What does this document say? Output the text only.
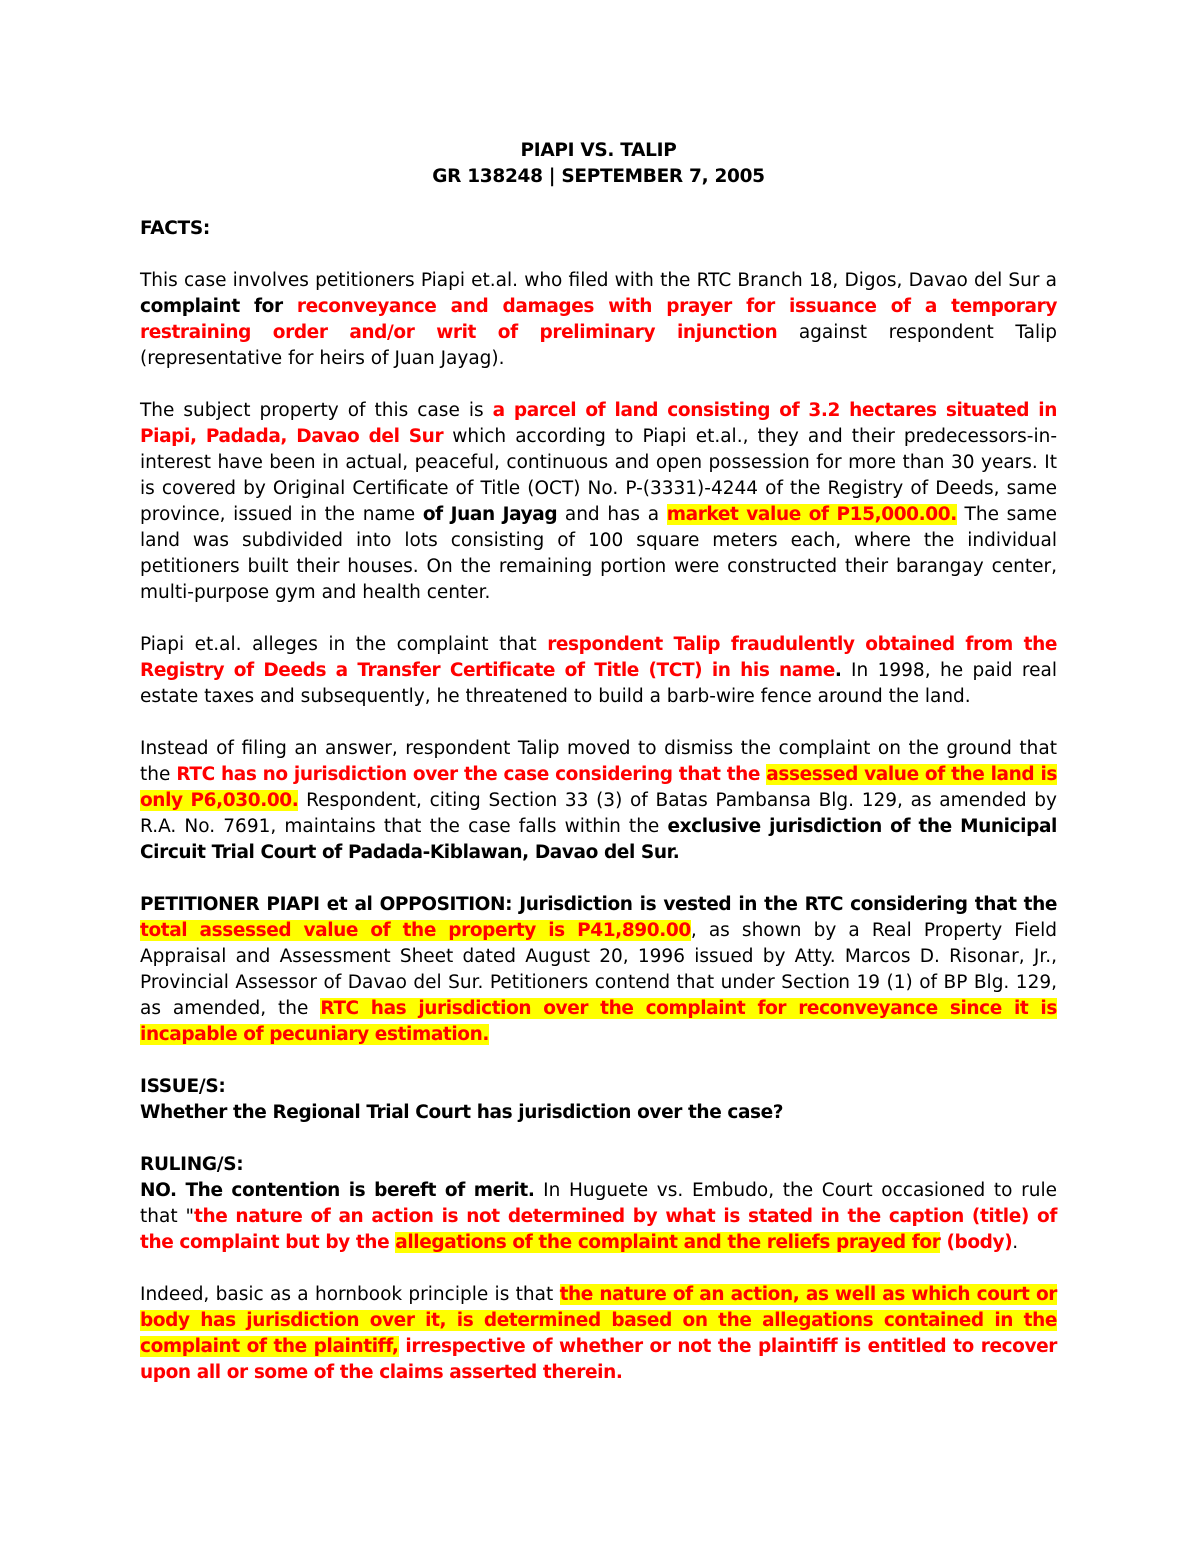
PIAPI VS. TALIP

GR 138248 | SEPTEMBER 7, 2005

FACTS:

This case involves petitioners Piapi et.al. who filed with the RTC Branch 18, Digos, Davao del Sur a complaint for reconveyance and damages with prayer for issuance of a temporary restraining order and/or writ of preliminary injunction against respondent Talip (representative for heirs of Juan Jayag).

The subject property of this case is a parcel of land consisting of 3.2 hectares situated in Piapi, Padada, Davao del Sur which according to Piapi et.al., they and their predecessors-in-interest have been in actual, peaceful, continuous and open possession for more than 30 years. It is covered by Original Certificate of Title (OCT) No. P-(3331)-4244 of the Registry of Deeds, same province, issued in the name of Juan Jayag and has a market value of P15,000.00. The same land was subdivided into lots consisting of 100 square meters each, where the individual petitioners built their houses. On the remaining portion were constructed their barangay center, multi-purpose gym and health center.

Piapi et.al. alleges in the complaint that respondent Talip fraudulently obtained from the Registry of Deeds a Transfer Certificate of Title (TCT) in his name. In 1998, he paid real estate taxes and subsequently, he threatened to build a barb-wire fence around the land.

Instead of filing an answer, respondent Talip moved to dismiss the complaint on the ground that the RTC has no jurisdiction over the case considering that the assessed value of the land is only P6,030.00. Respondent, citing Section 33 (3) of Batas Pambansa Blg. 129, as amended by R.A. No. 7691, maintains that the case falls within the exclusive jurisdiction of the Municipal Circuit Trial Court of Padada-Kiblawan, Davao del Sur.

PETITIONER PIAPI et al OPPOSITION: Jurisdiction is vested in the RTC considering that the total assessed value of the property is P41,890.00, as shown by a Real Property Field Appraisal and Assessment Sheet dated August 20, 1996 issued by Atty. Marcos D. Risonar, Jr., Provincial Assessor of Davao del Sur. Petitioners contend that under Section 19 (1) of BP Blg. 129, as amended, the RTC has jurisdiction over the complaint for reconveyance since it is incapable of pecuniary estimation.

ISSUE/S:

Whether the Regional Trial Court has jurisdiction over the case?

RULING/S:

NO. The contention is bereft of merit. In Huguete vs. Embudo, the Court occasioned to rule that "the nature of an action is not determined by what is stated in the caption (title) of the complaint but by the allegations of the complaint and the reliefs prayed for (body).

Indeed, basic as a hornbook principle is that the nature of an action, as well as which court or body has jurisdiction over it, is determined based on the allegations contained in the complaint of the plaintiff, irrespective of whether or not the plaintiff is entitled to recover upon all or some of the claims asserted therein.
